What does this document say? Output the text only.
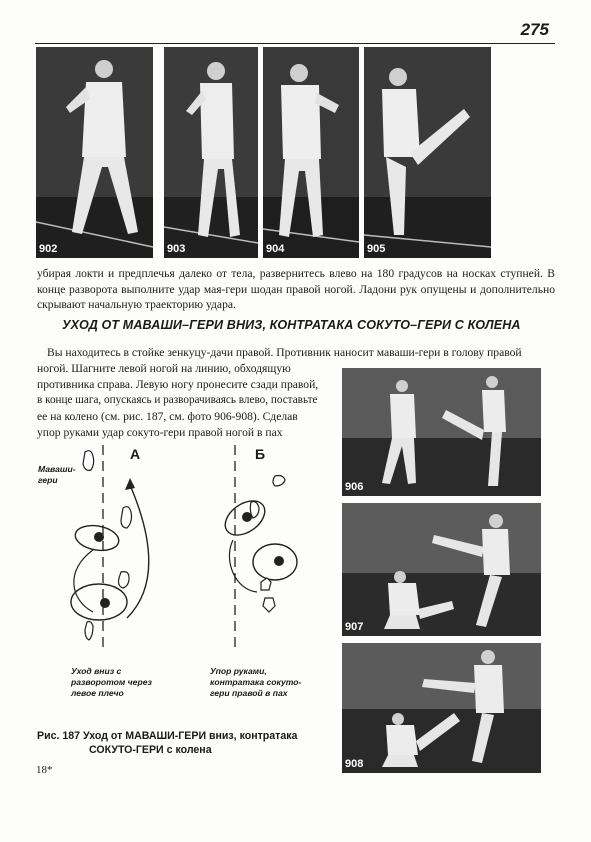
275
902	903	904	905
убирая локти и предплечья далеко от тела, развернитесь влево на 180 градусов на носках ступней. В конце разворота выполните удар мая-гери шодан правой ногой. Ладони рук опущены и дополнительно скрывают начальную траекторию удара.
УХОД ОТ МАВАШИ–ГЕРИ ВНИЗ, КОНТРАТАКА СОКУТО–ГЕРИ С КОЛЕНА
Вы находитесь в стойке зенкуцу-дачи правой. Противник наносит маваши-гери в голову правой
ногой. Шагните левой ногой на линию, обходящую
противника справа. Левую ногу пронесите сзади правой,
в конце шага, опускаясь и разворачиваясь влево, поставьте
ее на колено (см. рис. 187, см. фото 906-908). Сделав
упор руками удар сокуто-гери правой ногой в пах
А	Б
Маваши-
гери
Уход вниз с
разворотом через
левое плечо
Упор руками,
контратака сокуто-
гери правой в пах
Рис. 187 Уход от МАВАШИ-ГЕРИ вниз, контратака
СОКУТО-ГЕРИ с колена
906
907
908
18*
